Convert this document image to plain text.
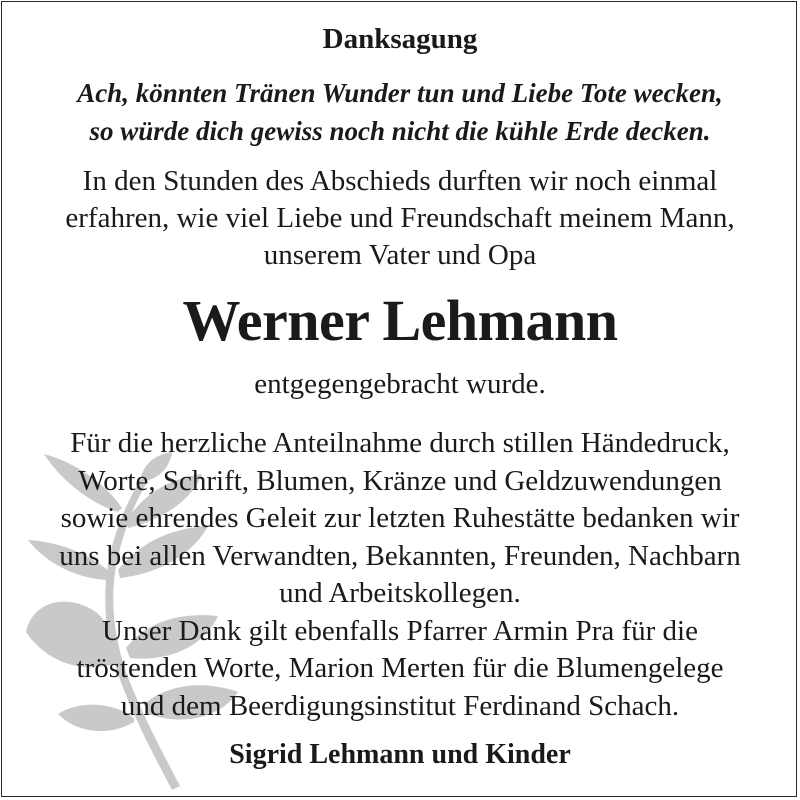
Danksagung
Ach, könnten Tränen Wunder tun und Liebe Tote wecken,
so würde dich gewiss noch nicht die kühle Erde decken.
In den Stunden des Abschieds durften wir noch einmal
erfahren, wie viel Liebe und Freundschaft meinem Mann,
unserem Vater und Opa
Werner Lehmann
entgegengebracht wurde.
Für die herzliche Anteilnahme durch stillen Händedruck,
Worte, Schrift, Blumen, Kränze und Geldzuwendungen
sowie ehrendes Geleit zur letzten Ruhestätte bedanken wir
uns bei allen Verwandten, Bekannten, Freunden, Nachbarn
und Arbeitskollegen.
Unser Dank gilt ebenfalls Pfarrer Armin Pra für die
tröstenden Worte, Marion Merten für die Blumengelege
und dem Beerdigungsinstitut Ferdinand Schach.
Sigrid Lehmann und Kinder
